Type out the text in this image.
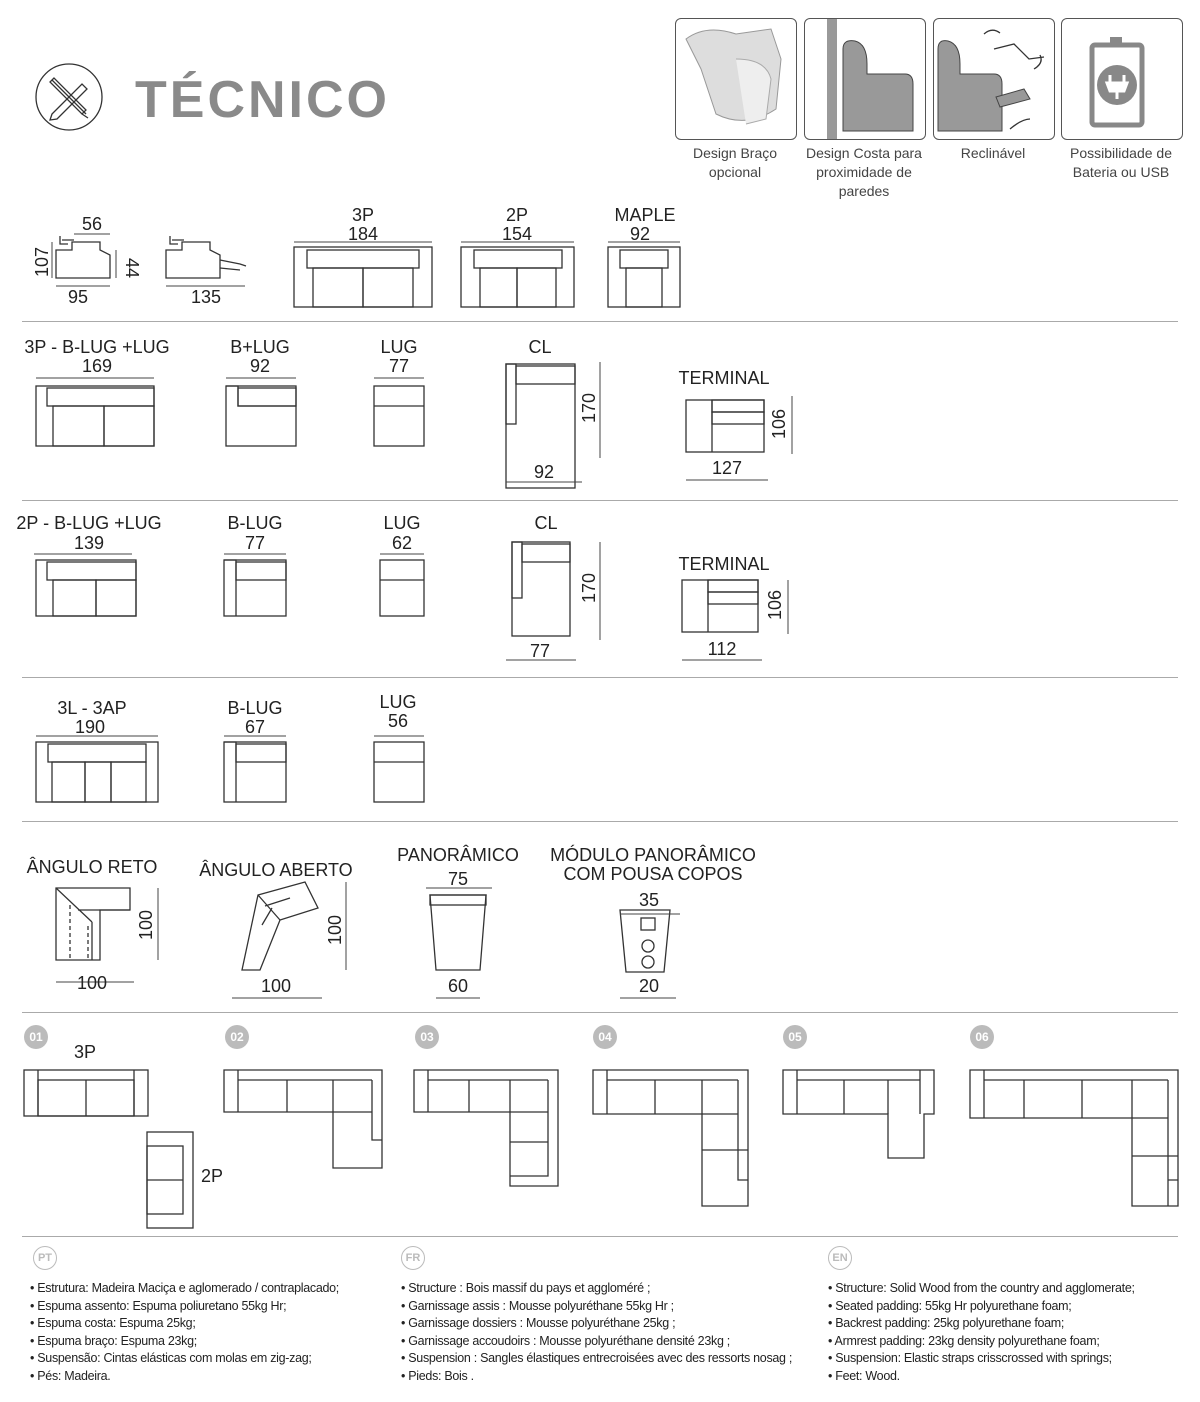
TÉCNICO
Design Braço opcional
Design Costa para proximidade de paredes
Reclinável	Possibilidade de Bateria ou USB
56
107	44
95	135
3P
184
2P
154
MAPLE
92
3P - B-LUG +LUG
169
B+LUG
92
LUG
77
CL
170
92
TERMINAL
106
127
2P - B-LUG +LUG
139
B-LUG
77
LUG
62
CL
170
77
TERMINAL
106
112
3L - 3AP
190
B-LUG
67
LUG
56
ÂNGULO RETO
100
100
ÂNGULO ABERTO
100
100
PANORÂMICO
75
60
MÓDULO PANORÂMICO
COM POUSA COPOS
35
20
01	02	03	04	05	06
3P
2P
PT	FR	EN
• Estrutura: Madeira Maciça e aglomerado / contraplacado;
• Espuma assento: Espuma poliuretano 55kg Hr;
• Espuma costa: Espuma 25kg;
• Espuma braço: Espuma 23kg;
• Suspensão: Cintas elásticas com molas em zig-zag;
• Pés: Madeira.
• Structure : Bois massif du pays et aggloméré ;
• Garnissage assis : Mousse polyuréthane 55kg Hr ;
• Garnissage dossiers : Mousse polyuréthane 25kg ;
• Garnissage accoudoirs : Mousse polyuréthane densité 23kg ;
• Suspension : Sangles élastiques entrecroisées avec des ressorts nosag ;
• Pieds: Bois .
• Structure: Solid Wood from the country and agglomerate;
• Seated padding: 55kg Hr polyurethane foam;
• Backrest padding: 25kg polyurethane foam;
• Armrest padding: 23kg density polyurethane foam;
• Suspension: Elastic straps crisscrossed with springs;
• Feet: Wood.
